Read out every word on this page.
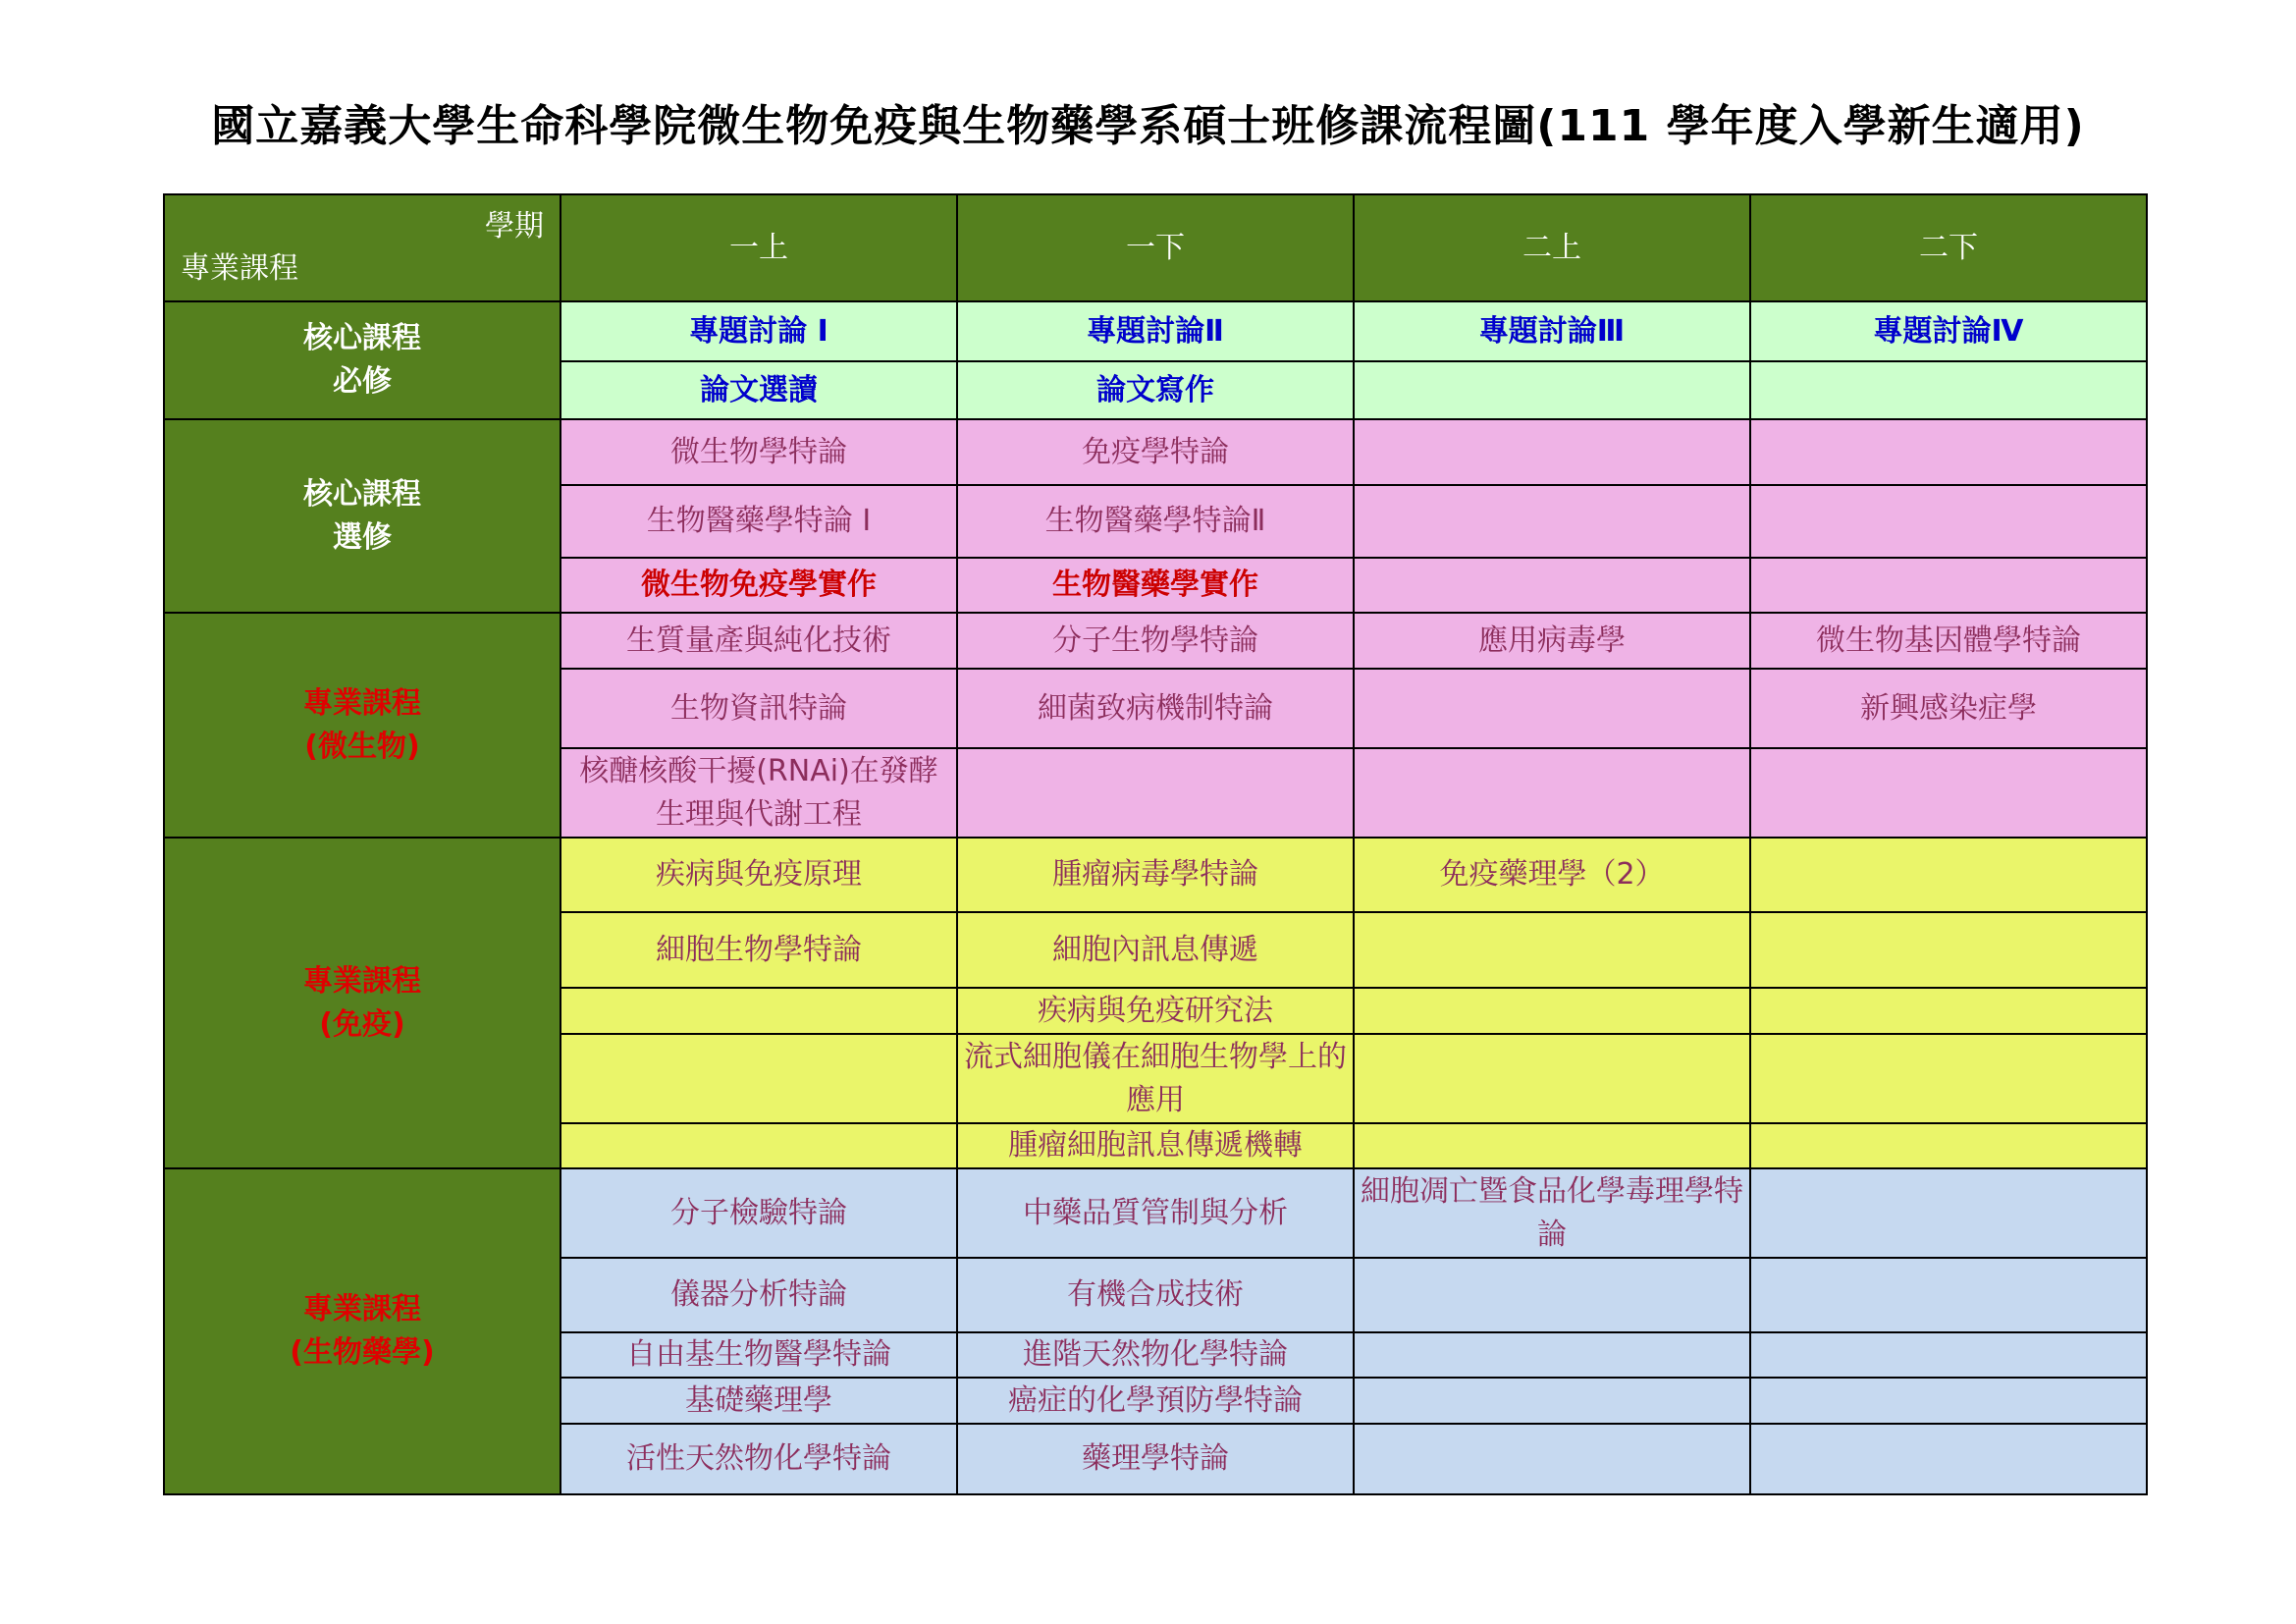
國立嘉義大學生命科學院微生物免疫與生物藥學系碩士班修課流程圖(111 學年度入學新生適用)
學期
專業課程	一上	一下	二上	二下
核心課程
必修	專題討論 Ⅰ	專題討論Ⅱ	專題討論Ⅲ	專題討論Ⅳ
	論文選讀	論文寫作		
核心課程
選修	微生物學特論	免疫學特論		
	生物醫藥學特論 Ⅰ	生物醫藥學特論Ⅱ		
	微生物免疫學實作	生物醫藥學實作		
專業課程
(微生物)	生質量產與純化技術	分子生物學特論	應用病毒學	微生物基因體學特論
	生物資訊特論	細菌致病機制特論		新興感染症學
	核醣核酸干擾(RNAi)在發酵生理與代謝工程			
專業課程
(免疫)	疾病與免疫原理	腫瘤病毒學特論	免疫藥理學（2）	
	細胞生物學特論	細胞內訊息傳遞		
		疾病與免疫研究法		
		流式細胞儀在細胞生物學上的應用		
		腫瘤細胞訊息傳遞機轉		
專業課程
(生物藥學)	分子檢驗特論	中藥品質管制與分析	細胞凋亡暨食品化學毒理學特論	
	儀器分析特論	有機合成技術		
	自由基生物醫學特論	進階天然物化學特論		
	基礎藥理學	癌症的化學預防學特論		
	活性天然物化學特論	藥理學特論		
